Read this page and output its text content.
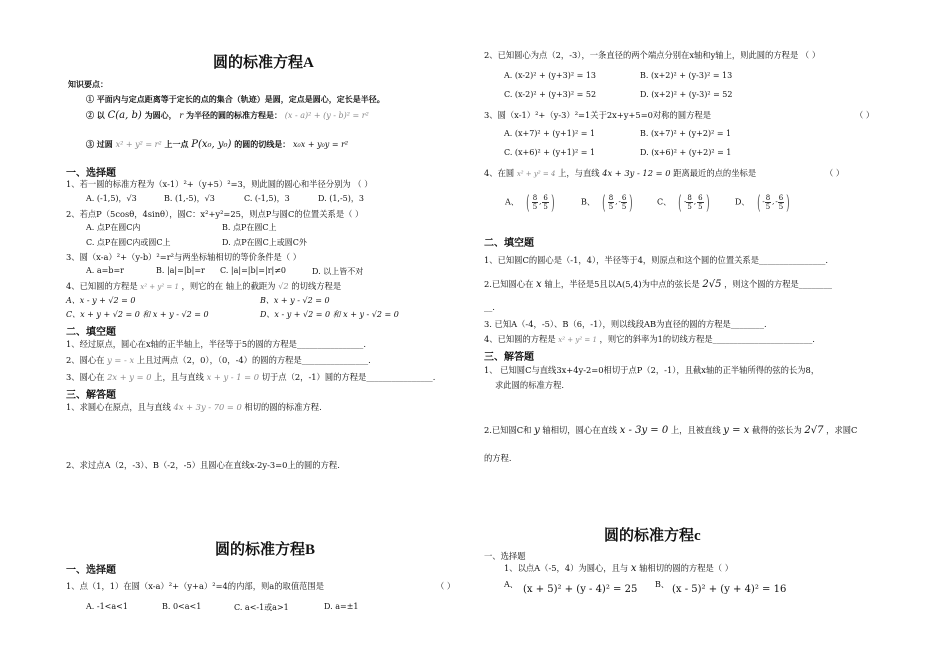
圆的标准方程A
知识要点：
① 平面内与定点距离等于定长的点的集合（轨迹）是圆，定点是圆心，定长是半径。
② 以 C(a, b) 为圆心， r 为半径的圆的标准方程是： (x - a)² + (y - b)² = r²
③ 过圆 x² + y² = r² 上一点 P(x₀, y₀) 的圆的切线是： x₀x + y₀y = r²
一、选择题
1、若一圆的标准方程为（x-1）²+（y+5）²=3，则此圆的圆心和半径分别为 （ ）
A. (-1,5)，√3	B. (1,-5)，√3	C. (-1,5)，3	D. (1,-5)，3
2、若点P（5cosθ，4sinθ），圆C：x²+y²=25，则点P与圆C的位置关系是（ ）
A. 点P在圆C内	B. 点P在圆C上
C. 点P在圆C内或圆C上	D. 点P在圆C上或圆C外
3、圆（x-a）²+（y-b）²=r²与两坐标轴相切的等价条件是（ ）
A. a=b=r	B. |a|=|b|=r C. |a|=|b|=|r|≠0	D. 以上皆不对
4、已知圆的方程是 x² + y² = 1 ，则它的在 轴上的截距为 √2 的切线方程是
A、x - y + √2 = 0	B、x + y - √2 = 0
C、x + y + √2 = 0 和 x + y - √2 = 0	D、x - y + √2 = 0 和 x + y - √2 = 0
二、填空题
1、经过原点，圆心在x轴的正半轴上，半径等于5的圆的方程是________________.
2、圆心在 y = - x 上且过两点（2，0），（0，-4）的圆的方程是________________.
3、圆心在 2x + y = 0 上，且与直线 x + y - 1 = 0 切于点（2，-1）圆的方程是________________.
三、解答题
1、求圆心在原点，且与直线 4x + 3y - 70 = 0 相切的圆的标准方程.
2、求过点A（2，-3）、B（-2，-5）且圆心在直线x-2y-3=0上的圆的方程.
圆的标准方程B
一、选择题
1、点（1，1）在圆（x-a）²+（y+a）²=4的内部，则a的取值范围是	（ ）
A. -1<a<1	B. 0<a<1	C. a<-1或a>1	D. a=±1
2、已知圆心为点（2，-3），一条直径的两个端点分别在x轴和y轴上，则此圆的方程是 （ ）
A. (x-2)² + (y+3)² = 13	B. (x+2)² + (y-3)² = 13
C. (x-2)² + (y+3)² = 52	D. (x+2)² + (y-3)² = 52
3、圆（x-1）²+（y-3）²=1关于2x+y+5=0对称的圆方程是	（ ）
A. (x+7)² + (y+1)² = 1	B. (x+7)² + (y+2)² = 1
C. (x+6)² + (y+1)² = 1	D. (x+6)² + (y+2)² = 1
4、在圆 x² + y² = 4 上，与直线 4x + 3y - 12 = 0 距离最近的点的坐标是	（ ）
A、 ( $\frac{8}{5}$ , $\frac{6}{5}$ )	B、 ( $\frac{8}{5}$ ,- $\frac{6}{5}$ )	C、 ( - $\frac{8}{5}$ , $\frac{6}{5}$ )	D、 ( - $\frac{8}{5}$ ,- $\frac{6}{5}$ )
二、填空题
1、已知圆C的圆心是（-1，4），半径等于4，则原点和这个圆的位置关系是________________.
2.已知圆心在 x 轴上，半径是5且以A(5,4)为中点的弦长是 2√5 ，则这个圆的方程是________
__.
3. 已知A（-4，-5）、B（6，-1），则以线段AB为直径的圆的方程是________.
4、已知圆的方程是 x² + y² = 1 ，则它的斜率为1的切线方程是________________________.
三、解答题
1、 已知圆C与直线3x+4y-2=0相切于点P（2，-1），且截x轴的正半轴所得的弦的长为8，
求此圆的标准方程.
2.已知圆C和 y 轴相切，圆心在直线 x - 3y = 0 上，且被直线 y = x 截得的弦长为 2√7 ，求圆C
的方程.
圆的标准方程c
一、选择题
1、以点A（-5，4）为圆心，且与 x 轴相切的圆的方程是（ ）
A、 (x + 5)² + (y - 4)² = 25 B、 (x - 5)² + (y + 4)² = 16
